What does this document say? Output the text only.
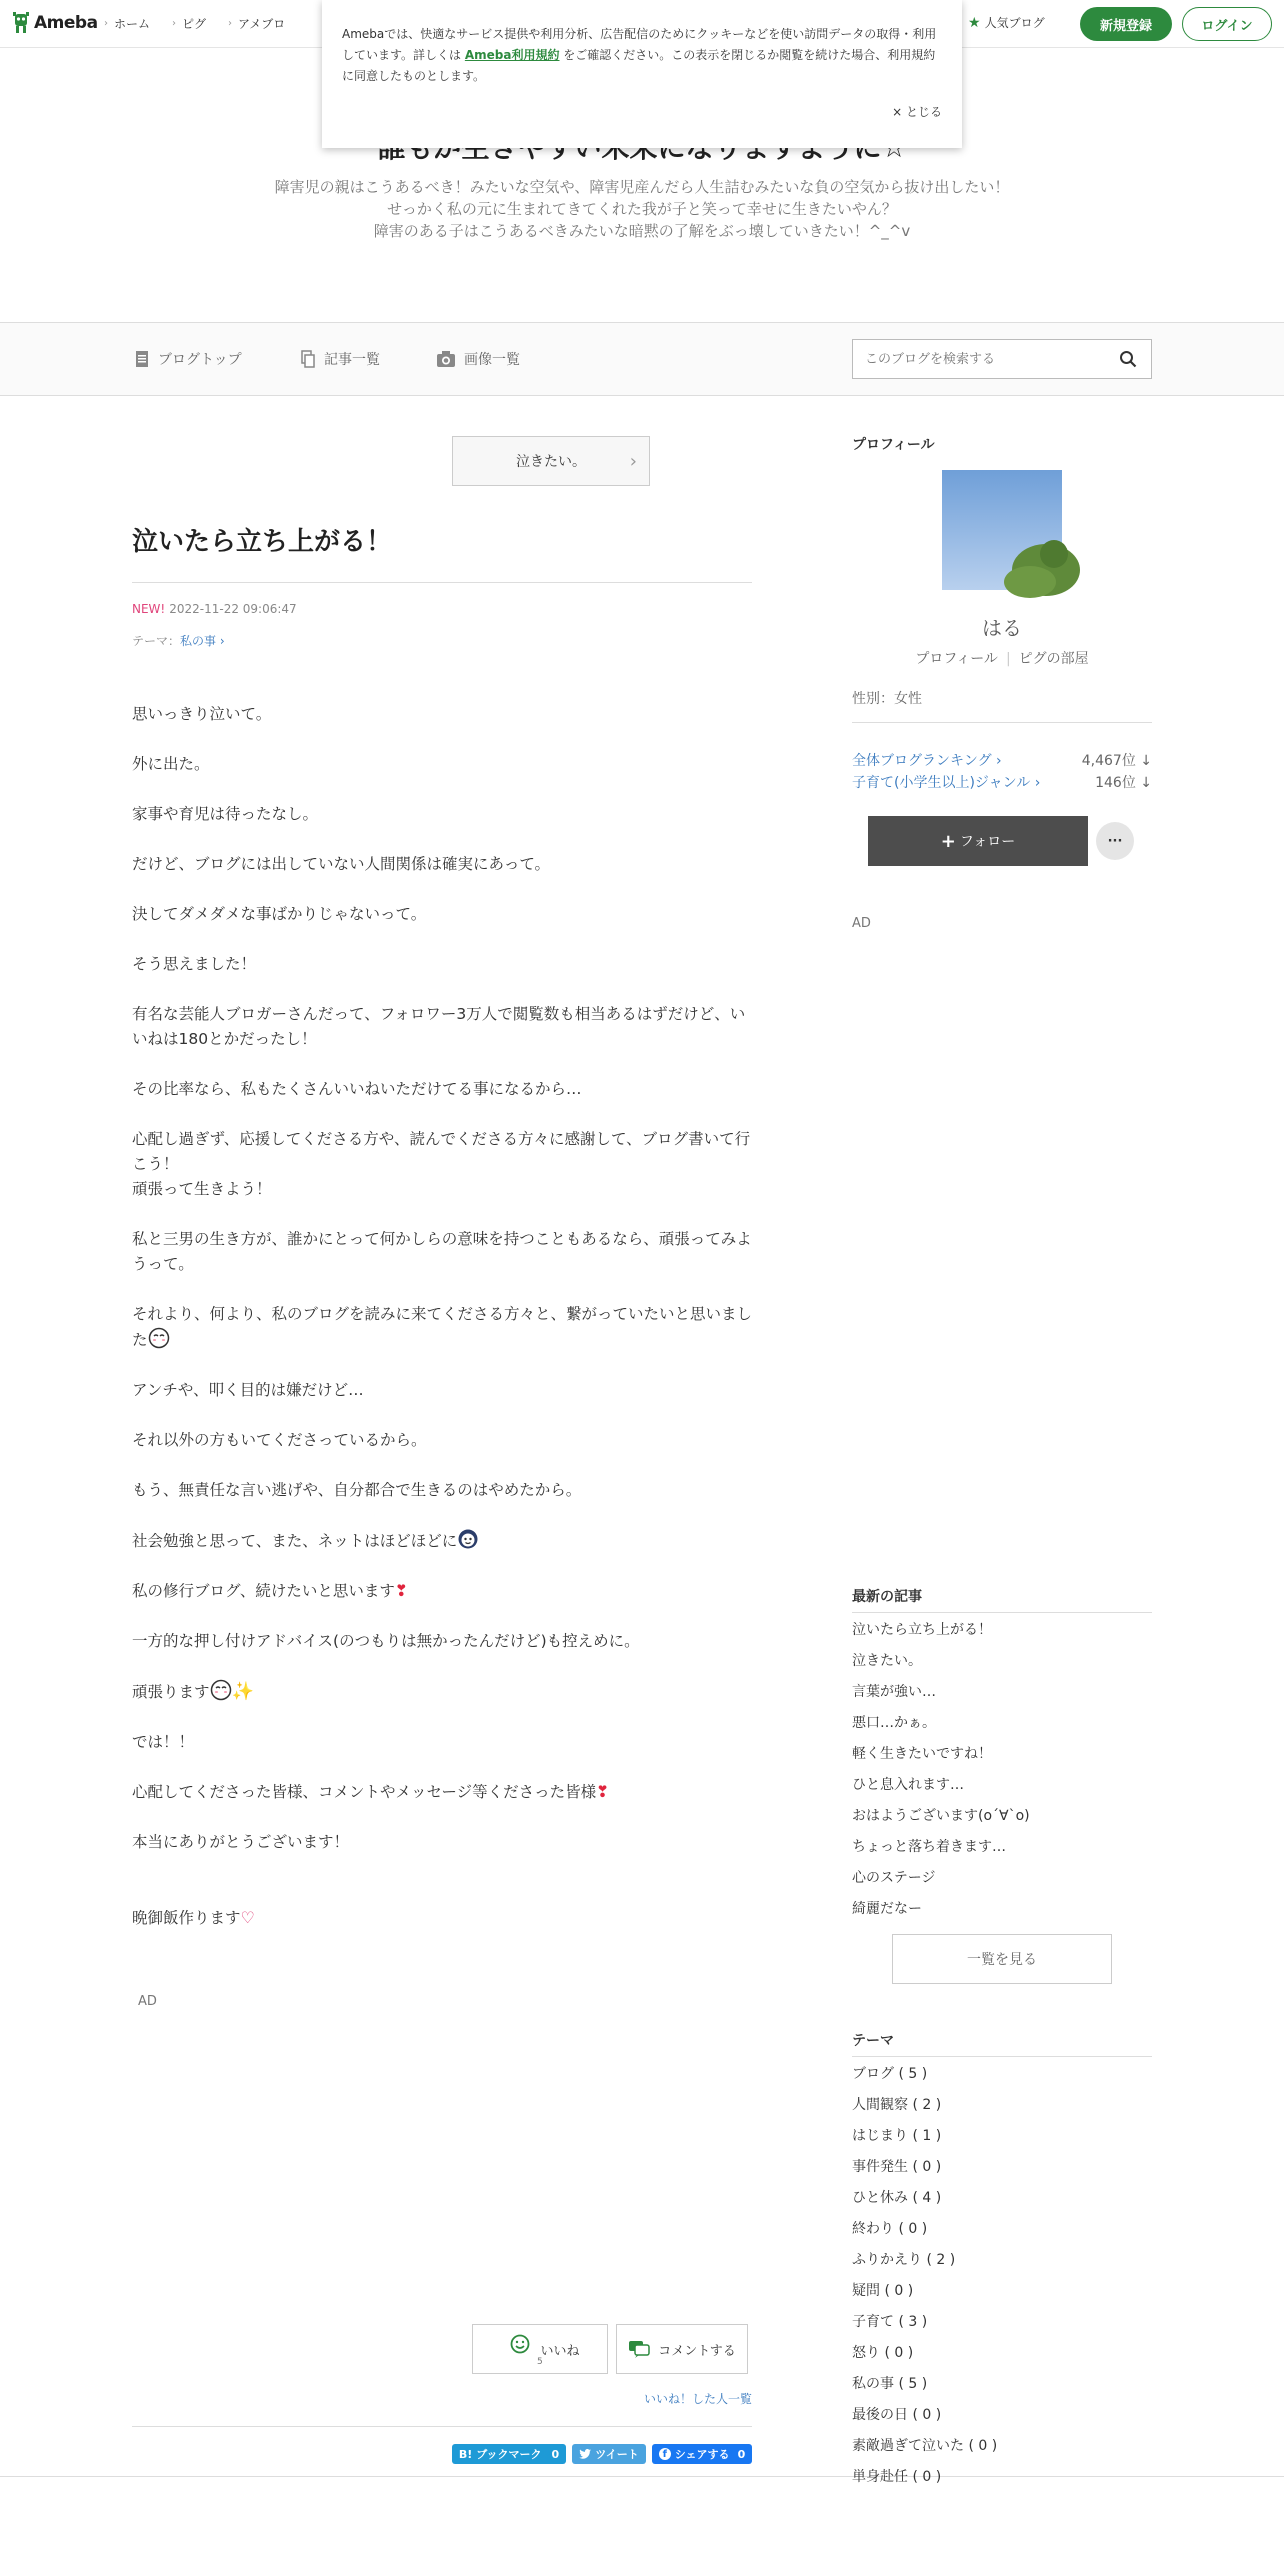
Ameba › ホーム › ピグ › アメブロ	★ 人気ブログ	新規登録	ログイン
Amebaでは、快適なサービス提供や利用分析、広告配信のためにクッキーなどを使い訪問データの取得・利用しています。詳しくは Ameba利用規約 をご確認ください。この表示を閉じるか閲覧を続けた場合、利用規約に同意したものとします。
× とじる
障害児の親はこうあるべき！みたいな空気や、障害児産んだら人生詰むみたいな負の空気から抜け出したい！
せっかく私の元に生まれてきてくれた我が子と笑って幸せに生きたいやん？
障害のある子はこうあるべきみたいな暗黙の了解をぶっ壊していきたい！^_^v
ブログトップ	記事一覧	画像一覧
このブログを検索する
泣きたい。 ›
泣いたら立ち上がる！
NEW! 2022-11-22 09:06:47
テーマ：私の事 ›

思いっきり泣いて。

外に出た。

家事や育児は待ったなし。

だけど、ブログには出していない人間関係は確実にあって。

決してダメダメな事ばかりじゃないって。

そう思えました！

有名な芸能人ブロガーさんだって、フォロワー3万人で閲覧数も相当あるはずだけど、いいねは180とかだったし！

その比率なら、私もたくさんいいねいただけてる事になるから…

心配し過ぎず、応援してくださる方や、読んでくださる方々に感謝して、ブログ書いて行こう！
頑張って生きよう！

私と三男の生き方が、誰かにとって何かしらの意味を持つこともあるなら、頑張ってみようって。

それより、何より、私のブログを読みに来てくださる方々と、繋がっていたいと思いました

アンチや、叩く目的は嫌だけど…

それ以外の方もいてくださっているから。

もう、無責任な言い逃げや、自分都合で生きるのはやめたから。

社会勉強と思って、また、ネットはほどほどに

私の修行ブログ、続けたいと思います❣

一方的な押し付けアドバイス(のつもりは無かったんだけど)も控えめに。

頑張ります ✨

では！！

心配してくださった皆様、コメントやメッセージ等くださった皆様❣

本当にありがとうございます！

晩御飯作ります♡

AD
いいね
5
コメントする
いいね！した人一覧
B! ブックマーク 0	ツイート	f シェアする 0
プロフィール
はる
プロフィール | ピグの部屋
性別：女性
全体ブログランキング ›	4,467位 ↓
子育て(小学生以上)ジャンル ›	146位 ↓
+ フォロー	···
AD
最新の記事
泣いたら立ち上がる！
泣きたい。
言葉が強い…
悪口…かぁ。
軽く生きたいですね！
ひと息入れます…
おはようございます(o´∀`o)
ちょっと落ち着きます…
心のステージ
綺麗だなー
一覧を見る
テーマ
ブログ ( 5 )
人間観察 ( 2 )
はじまり ( 1 )
事件発生 ( 0 )
ひと休み ( 4 )
終わり ( 0 )
ふりかえり ( 2 )
疑問 ( 0 )
子育て ( 3 )
怒り ( 0 )
私の事 ( 5 )
最後の日 ( 0 )
素敵過ぎて泣いた ( 0 )
単身赴任 ( 0 )
